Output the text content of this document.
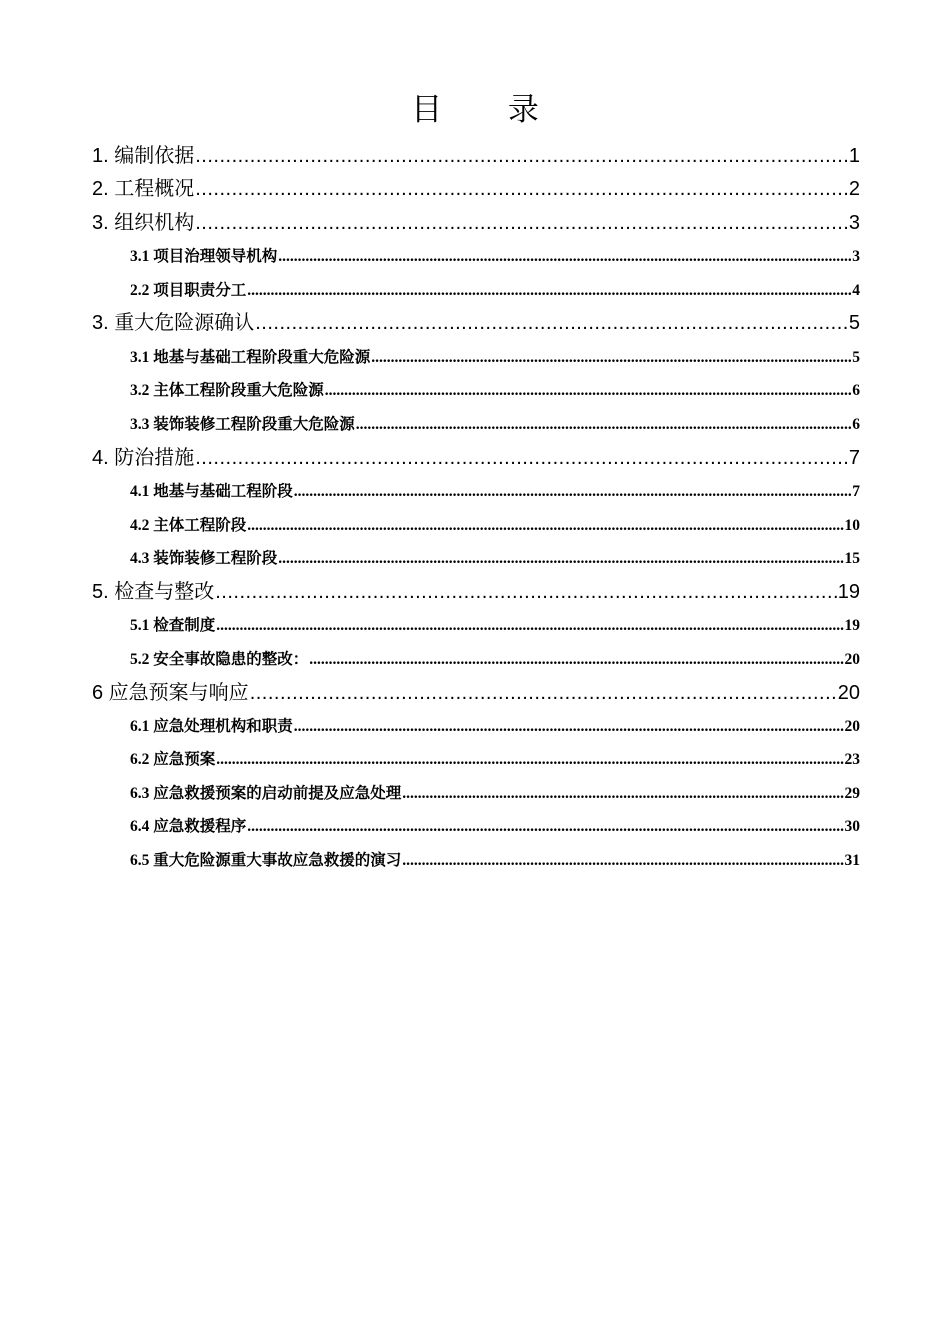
目 录
1. 编制依据 .....	1
2. 工程概况 .....	2
3. 组织机构 .....	3
3.1 项目治理领导机构 .....	3
2.2 项目职责分工 .....	4
3. 重大危险源确认 .....	5
3.1 地基与基础工程阶段重大危险源 .....	5
3.2 主体工程阶段重大危险源 .....	6
3.3 装饰装修工程阶段重大危险源 .....	6
4. 防治措施 .....	7
4.1 地基与基础工程阶段 .....	7
4.2 主体工程阶段 .....	10
4.3 装饰装修工程阶段 .....	15
5. 检查与整改 .....	19
5.1 检查制度 .....	19
5.2 安全事故隐患的整改： .....	20
6 应急预案与响应 .....	20
6.1 应急处理机构和职责 .....	20
6.2 应急预案 .....	23
6.3 应急救援预案的启动前提及应急处理 .....	29
6.4 应急救援程序 .....	30
6.5 重大危险源重大事故应急救援的演习 .....	31
